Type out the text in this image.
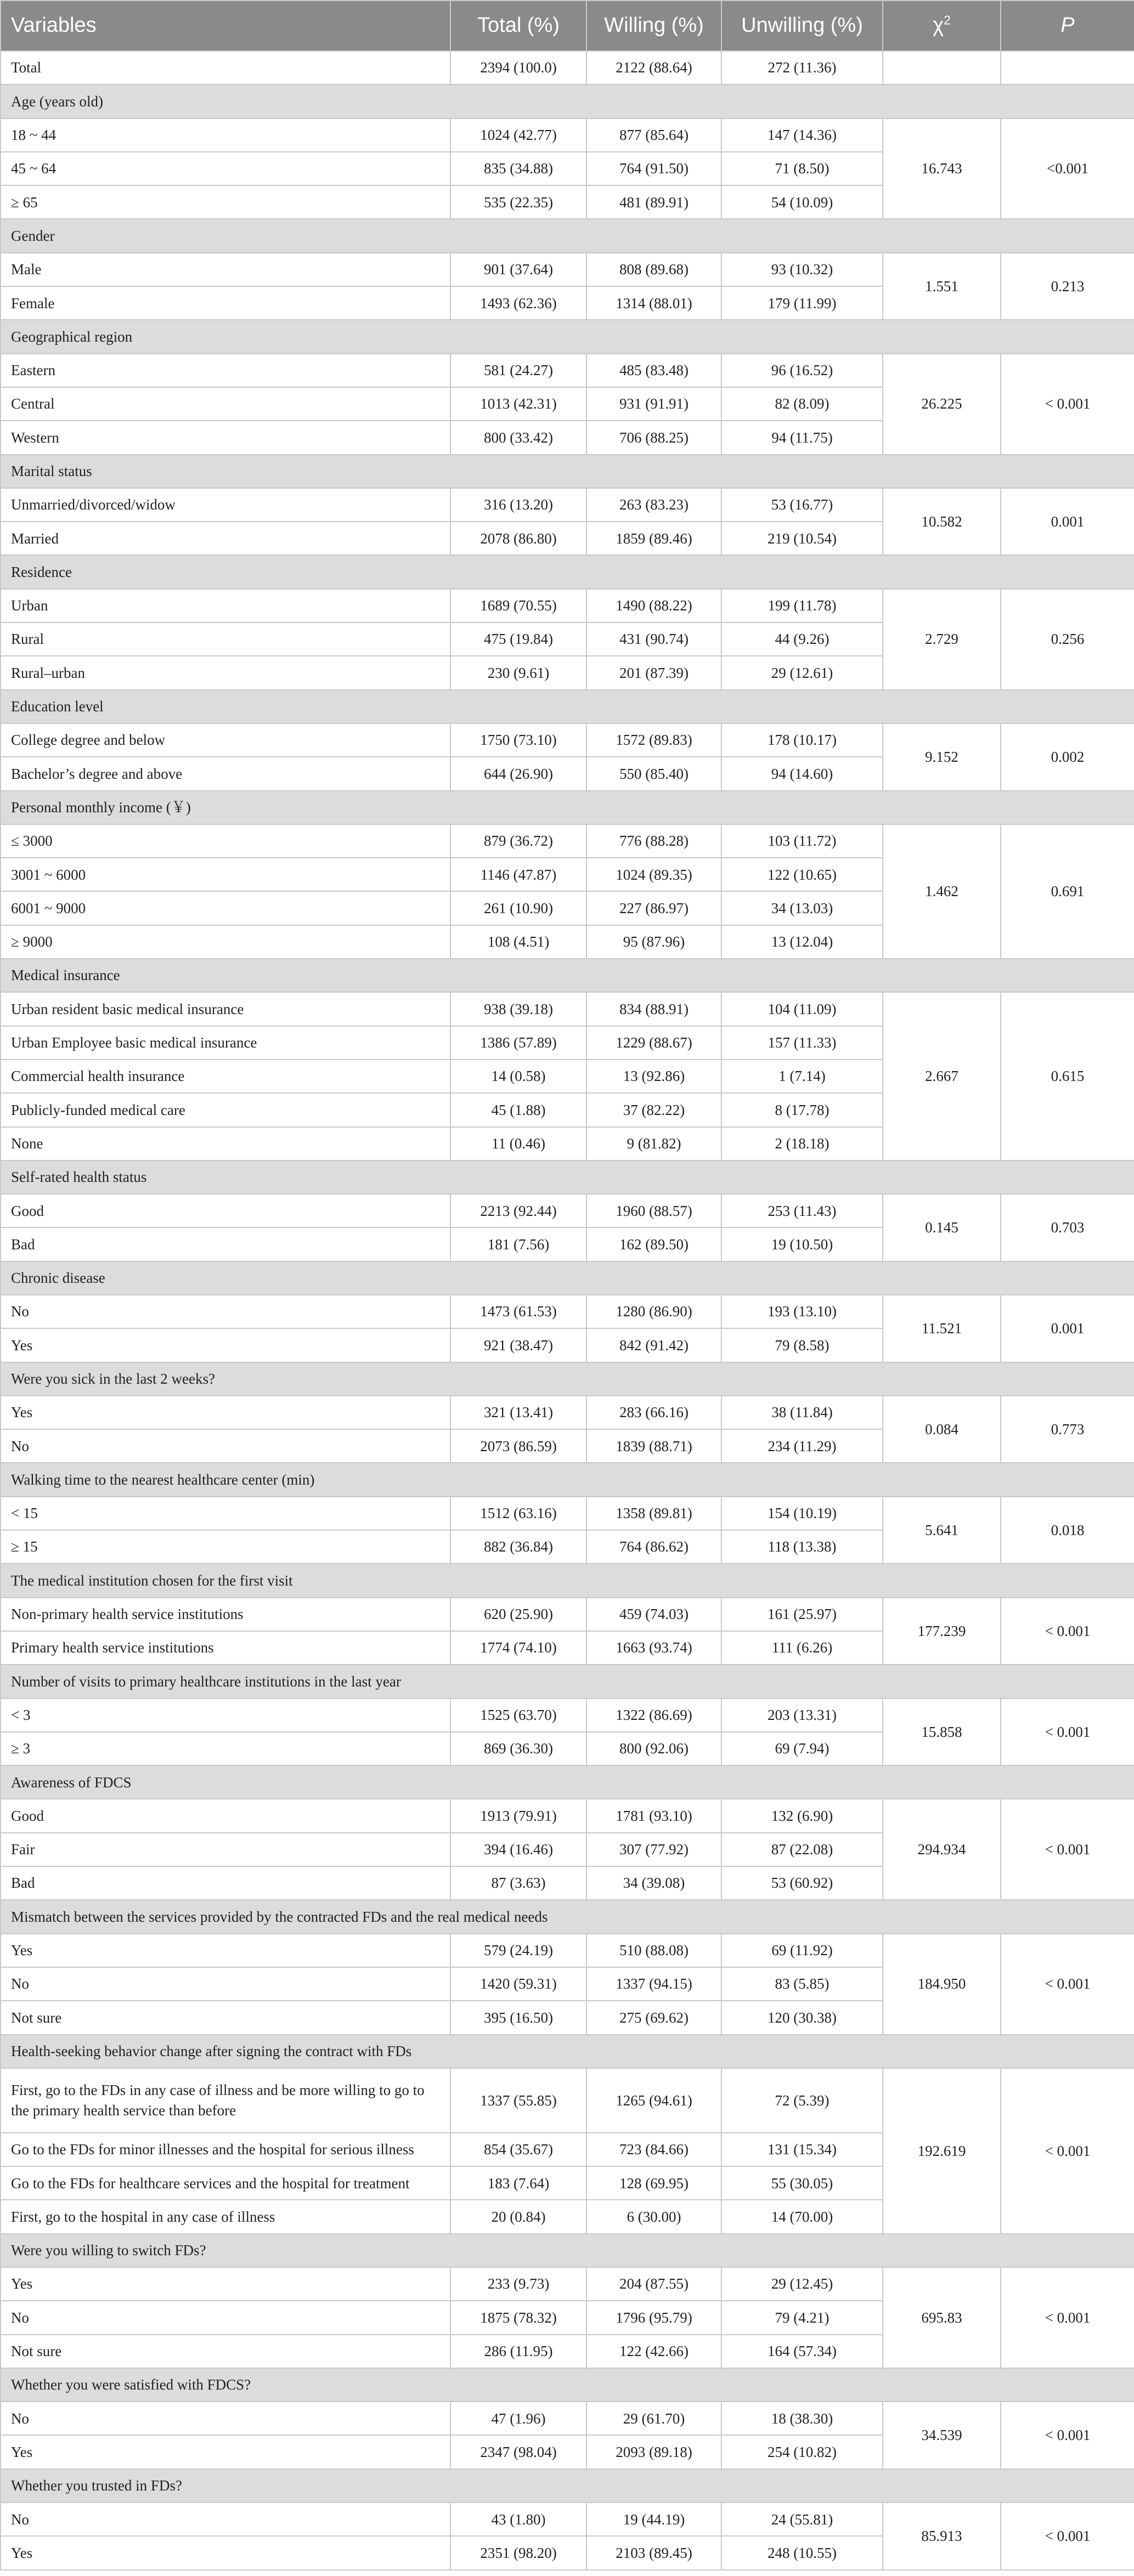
Variables	Total (%)	Willing (%)	Unwilling (%)	$\chi^2$	P
Total	2394 (100.0)	2122 (88.64)	272 (11.36)		
Age (years old)					
18 ~ 44	1024 (42.77)	877 (85.64)	147 (14.36)	16.743	<0.001
45 ~ 64	835 (34.88)	764 (91.50)	71 (8.50)		
≥ 65	535 (22.35)	481 (89.91)	54 (10.09)		
Gender					
Male	901 (37.64)	808 (89.68)	93 (10.32)	1.551	0.213
Female	1493 (62.36)	1314 (88.01)	179 (11.99)		
Geographical region					
Eastern	581 (24.27)	485 (83.48)	96 (16.52)	26.225	< 0.001
Central	1013 (42.31)	931 (91.91)	82 (8.09)		
Western	800 (33.42)	706 (88.25)	94 (11.75)		
Marital status					
Unmarried/divorced/widow	316 (13.20)	263 (83.23)	53 (16.77)	10.582	0.001
Married	2078 (86.80)	1859 (89.46)	219 (10.54)		
Residence					
Urban	1689 (70.55)	1490 (88.22)	199 (11.78)	2.729	0.256
Rural	475 (19.84)	431 (90.74)	44 (9.26)		
Rural–urban	230 (9.61)	201 (87.39)	29 (12.61)		
Education level					
College degree and below	1750 (73.10)	1572 (89.83)	178 (10.17)	9.152	0.002
Bachelor’s degree and above	644 (26.90)	550 (85.40)	94 (14.60)		
Personal monthly income (￥)					
≤ 3000	879 (36.72)	776 (88.28)	103 (11.72)	1.462	0.691
3001 ~ 6000	1146 (47.87)	1024 (89.35)	122 (10.65)		
6001 ~ 9000	261 (10.90)	227 (86.97)	34 (13.03)		
≥ 9000	108 (4.51)	95 (87.96)	13 (12.04)		
Medical insurance					
Urban resident basic medical insurance	938 (39.18)	834 (88.91)	104 (11.09)	2.667	0.615
Urban Employee basic medical insurance	1386 (57.89)	1229 (88.67)	157 (11.33)		
Commercial health insurance	14 (0.58)	13 (92.86)	1 (7.14)		
Publicly-funded medical care	45 (1.88)	37 (82.22)	8 (17.78)		
None	11 (0.46)	9 (81.82)	2 (18.18)		
Self-rated health status					
Good	2213 (92.44)	1960 (88.57)	253 (11.43)	0.145	0.703
Bad	181 (7.56)	162 (89.50)	19 (10.50)		
Chronic disease					
No	1473 (61.53)	1280 (86.90)	193 (13.10)	11.521	0.001
Yes	921 (38.47)	842 (91.42)	79 (8.58)		
Were you sick in the last 2 weeks?					
Yes	321 (13.41)	283 (66.16)	38 (11.84)	0.084	0.773
No	2073 (86.59)	1839 (88.71)	234 (11.29)		
Walking time to the nearest healthcare center (min)					
< 15	1512 (63.16)	1358 (89.81)	154 (10.19)	5.641	0.018
≥ 15	882 (36.84)	764 (86.62)	118 (13.38)		
The medical institution chosen for the first visit					
Non-primary health service institutions	620 (25.90)	459 (74.03)	161 (25.97)	177.239	< 0.001
Primary health service institutions	1774 (74.10)	1663 (93.74)	111 (6.26)		
Number of visits to primary healthcare institutions in the last year					
< 3	1525 (63.70)	1322 (86.69)	203 (13.31)	15.858	< 0.001
≥ 3	869 (36.30)	800 (92.06)	69 (7.94)		
Awareness of FDCS					
Good	1913 (79.91)	1781 (93.10)	132 (6.90)	294.934	< 0.001
Fair	394 (16.46)	307 (77.92)	87 (22.08)		
Bad	87 (3.63)	34 (39.08)	53 (60.92)		
Mismatch between the services provided by the contracted FDs and the real medical needs					
Yes	579 (24.19)	510 (88.08)	69 (11.92)	184.950	< 0.001
No	1420 (59.31)	1337 (94.15)	83 (5.85)		
Not sure	395 (16.50)	275 (69.62)	120 (30.38)		
Health-seeking behavior change after signing the contract with FDs					
First, go to the FDs in any case of illness and be more willing to go to the primary health service than before	1337 (55.85)	1265 (94.61)	72 (5.39)	192.619	< 0.001
Go to the FDs for minor illnesses and the hospital for serious illness	854 (35.67)	723 (84.66)	131 (15.34)		
Go to the FDs for healthcare services and the hospital for treatment	183 (7.64)	128 (69.95)	55 (30.05)		
First, go to the hospital in any case of illness	20 (0.84)	6 (30.00)	14 (70.00)		
Were you willing to switch FDs?					
Yes	233 (9.73)	204 (87.55)	29 (12.45)	695.83	< 0.001
No	1875 (78.32)	1796 (95.79)	79 (4.21)		
Not sure	286 (11.95)	122 (42.66)	164 (57.34)		
Whether you were satisfied with FDCS?					
No	47 (1.96)	29 (61.70)	18 (38.30)	34.539	< 0.001
Yes	2347 (98.04)	2093 (89.18)	254 (10.82)		
Whether you trusted in FDs?					
No	43 (1.80)	19 (44.19)	24 (55.81)	85.913	< 0.001
Yes	2351 (98.20)	2103 (89.45)	248 (10.55)		
